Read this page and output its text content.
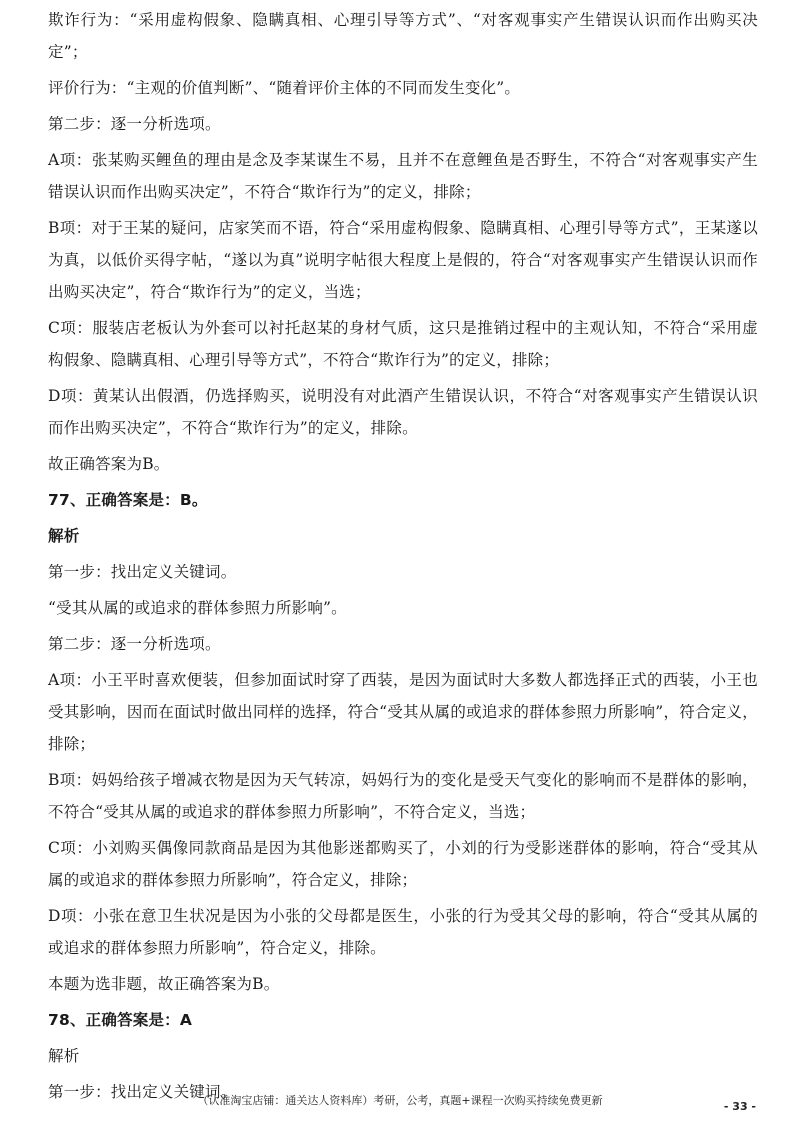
欺诈行为：“采用虚构假象、隐瞒真相、心理引导等方式”、“对客观事实产生错误认识而作出购买决定”；

评价行为：“主观的价值判断”、“随着评价主体的不同而发生变化”。

第二步：逐一分析选项。

A项：张某购买鲤鱼的理由是念及李某谋生不易，且并不在意鲤鱼是否野生，不符合“对客观事实产生错误认识而作出购买决定”，不符合“欺诈行为”的定义，排除；

B项：对于王某的疑问，店家笑而不语，符合“采用虚构假象、隐瞒真相、心理引导等方式”，王某遂以为真，以低价买得字帖，“遂以为真”说明字帖很大程度上是假的，符合“对客观事实产生错误认识而作出购买决定”，符合“欺诈行为”的定义，当选；

C项：服装店老板认为外套可以衬托赵某的身材气质，这只是推销过程中的主观认知，不符合“采用虚构假象、隐瞒真相、心理引导等方式”，不符合“欺诈行为”的定义，排除；

D项：黄某认出假酒，仍选择购买，说明没有对此酒产生错误认识，不符合“对客观事实产生错误认识而作出购买决定”，不符合“欺诈行为”的定义，排除。

故正确答案为B。

77、正确答案是：B。

解析

第一步：找出定义关键词。

“受其从属的或追求的群体参照力所影响”。

第二步：逐一分析选项。

A项：小王平时喜欢便装，但参加面试时穿了西装，是因为面试时大多数人都选择正式的西装，小王也受其影响，因而在面试时做出同样的选择，符合“受其从属的或追求的群体参照力所影响”，符合定义，排除；

B项：妈妈给孩子增减衣物是因为天气转凉，妈妈行为的变化是受天气变化的影响而不是群体的影响，不符合“受其从属的或追求的群体参照力所影响”，不符合定义，当选；

C项：小刘购买偶像同款商品是因为其他影迷都购买了，小刘的行为受影迷群体的影响，符合“受其从属的或追求的群体参照力所影响”，符合定义，排除；

D项：小张在意卫生状况是因为小张的父母都是医生，小张的行为受其父母的影响，符合“受其从属的或追求的群体参照力所影响”，符合定义，排除。

本题为选非题，故正确答案为B。

78、正确答案是：A

解析

第一步：找出定义关键词。

（认准淘宝店铺：通关达人资料库）考研，公考，真题+课程一次购买持续免费更新	- 33 -
